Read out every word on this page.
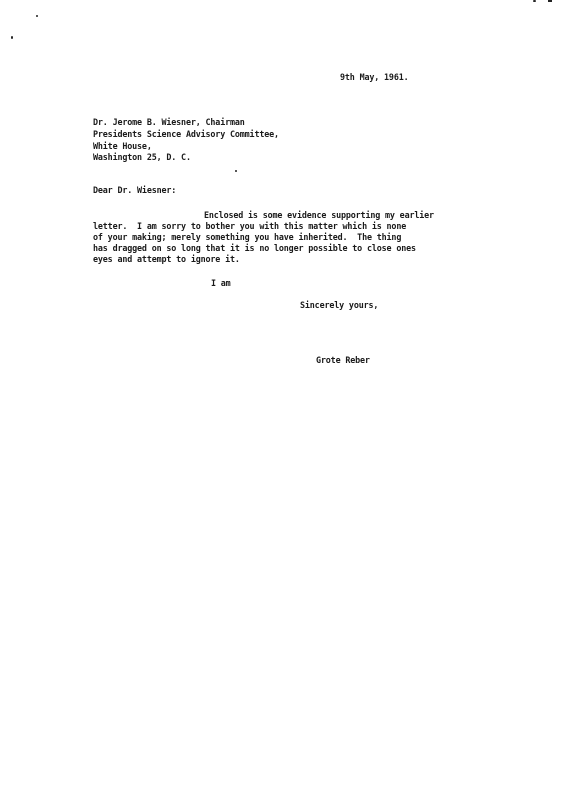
9th May, 1961.
Dr. Jerome B. Wiesner, Chairman
Presidents Science Advisory Committee,
White House,
Washington 25, D. C.
Dear Dr. Wiesner:
Enclosed is some evidence supporting my earlier
letter.  I am sorry to bother you with this matter which is none
of your making; merely something you have inherited.  The thing
has dragged on so long that it is no longer possible to close ones
eyes and attempt to ignore it.
I am
Sincerely yours,
Grote Reber
